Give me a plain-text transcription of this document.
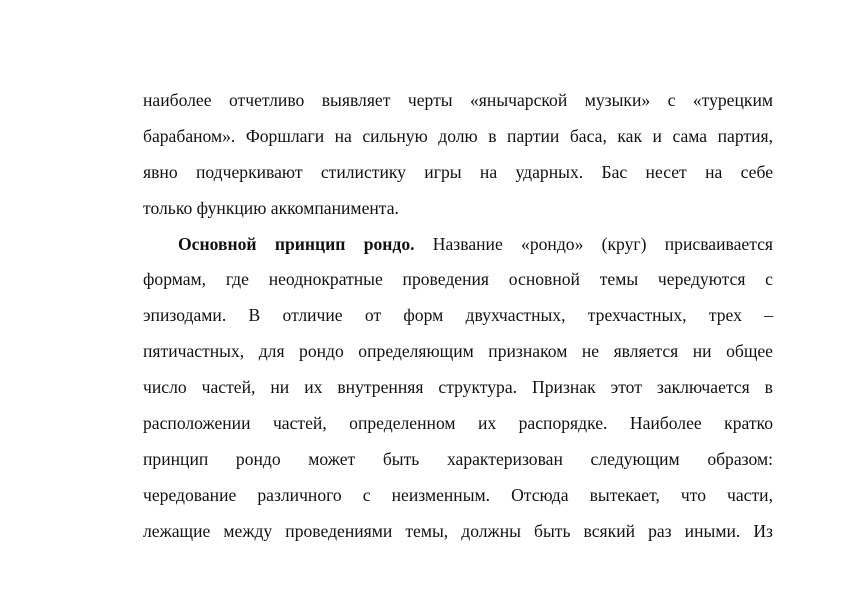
наиболее отчетливо выявляет черты «янычарской музыки» с «турецким
барабаном». Форшлаги на сильную долю в партии баса, как и сама партия,
явно подчеркивают стилистику игры на ударных. Бас несет на себе
только функцию аккомпанимента.
Основной принцип рондо. Название «рондо» (круг) присваивается
формам, где неоднократные проведения основной темы чередуются с
эпизодами. В отличие от форм двухчастных, трехчастных, трех –
пятичастных, для рондо определяющим признаком не является ни общее
число частей, ни их внутренняя структура. Признак этот заключается в
расположении частей, определенном их распорядке. Наиболее кратко
принцип рондо может быть характеризован следующим образом:
чередование различного с неизменным. Отсюда вытекает, что части,
лежащие между проведениями темы, должны быть всякий раз иными. Из
